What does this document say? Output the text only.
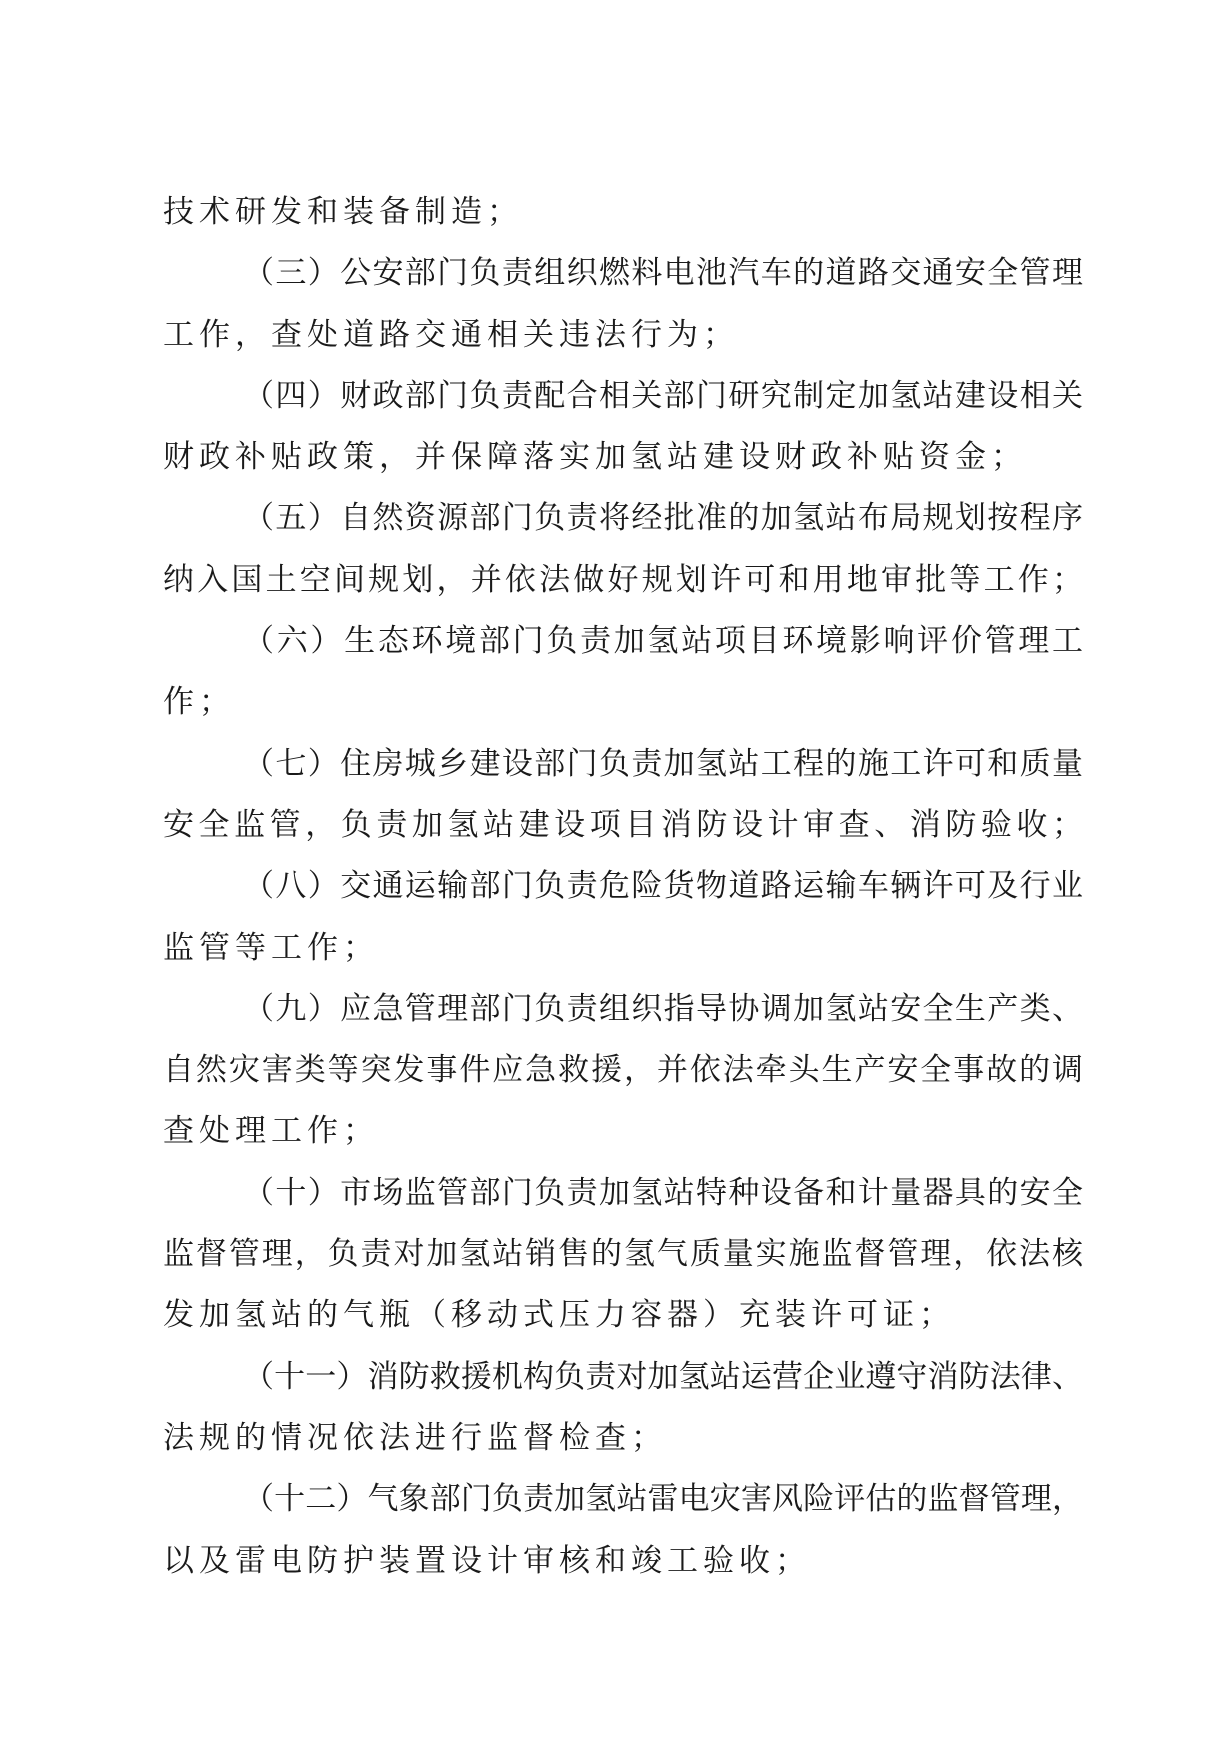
技术研发和装备制造；
（三）公安部门负责组织燃料电池汽车的道路交通安全管理
工作，查处道路交通相关违法行为；
（四）财政部门负责配合相关部门研究制定加氢站建设相关
财政补贴政策，并保障落实加氢站建设财政补贴资金；
（五）自然资源部门负责将经批准的加氢站布局规划按程序
纳入国土空间规划，并依法做好规划许可和用地审批等工作；
（六）生态环境部门负责加氢站项目环境影响评价管理工
作；
（七）住房城乡建设部门负责加氢站工程的施工许可和质量
安全监管，负责加氢站建设项目消防设计审查、消防验收；
（八）交通运输部门负责危险货物道路运输车辆许可及行业
监管等工作；
（九）应急管理部门负责组织指导协调加氢站安全生产类、
自然灾害类等突发事件应急救援，并依法牵头生产安全事故的调
查处理工作；
（十）市场监管部门负责加氢站特种设备和计量器具的安全
监督管理，负责对加氢站销售的氢气质量实施监督管理，依法核
发加氢站的气瓶（移动式压力容器）充装许可证；
（十一）消防救援机构负责对加氢站运营企业遵守消防法律、
法规的情况依法进行监督检查；
（十二）气象部门负责加氢站雷电灾害风险评估的监督管理，
以及雷电防护装置设计审核和竣工验收；
